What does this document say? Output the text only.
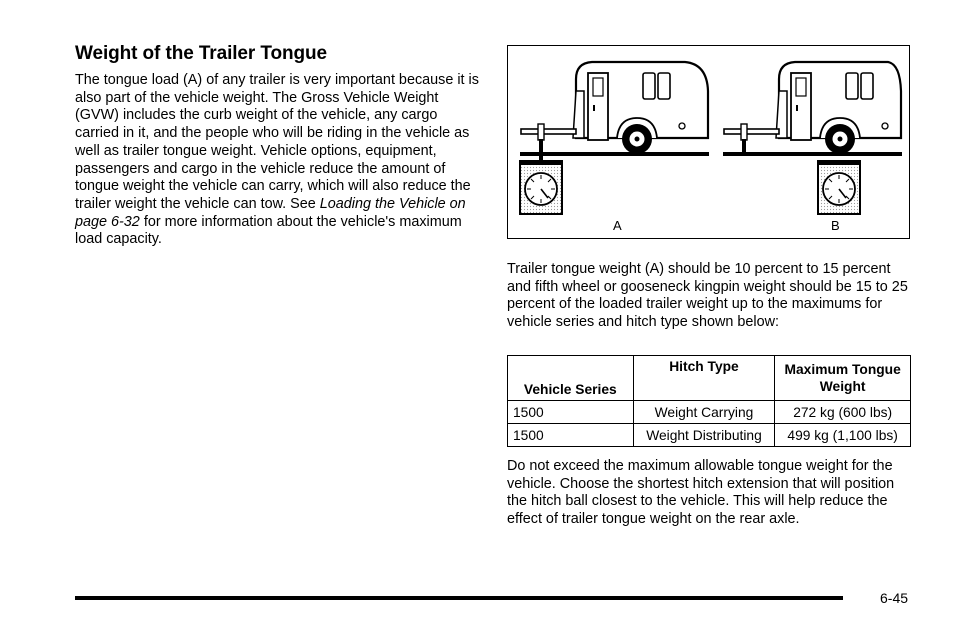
Weight of the Trailer Tongue

The tongue load (A) of any trailer is very important because it is also part of the vehicle weight. The Gross Vehicle Weight (GVW) includes the curb weight of the vehicle, any cargo carried in it, and the people who will be riding in the vehicle as well as trailer tongue weight. Vehicle options, equipment, passengers and cargo in the vehicle reduce the amount of tongue weight the vehicle can carry, which will also reduce the trailer weight the vehicle can tow. See Loading the Vehicle on page 6-32 for more information about the vehicle's maximum load capacity.

A	B

Trailer tongue weight (A) should be 10 percent to 15 percent and fifth wheel or gooseneck kingpin weight should be 15 to 25 percent of the loaded trailer weight up to the maximums for vehicle series and hitch type shown below:

Vehicle Series	Hitch Type	Maximum Tongue Weight
1500	Weight Carrying	272 kg (600 lbs)
1500	Weight Distributing	499 kg (1,100 lbs)

Do not exceed the maximum allowable tongue weight for the vehicle. Choose the shortest hitch extension that will position the hitch ball closest to the vehicle. This will help reduce the effect of trailer tongue weight on the rear axle.

6-45
